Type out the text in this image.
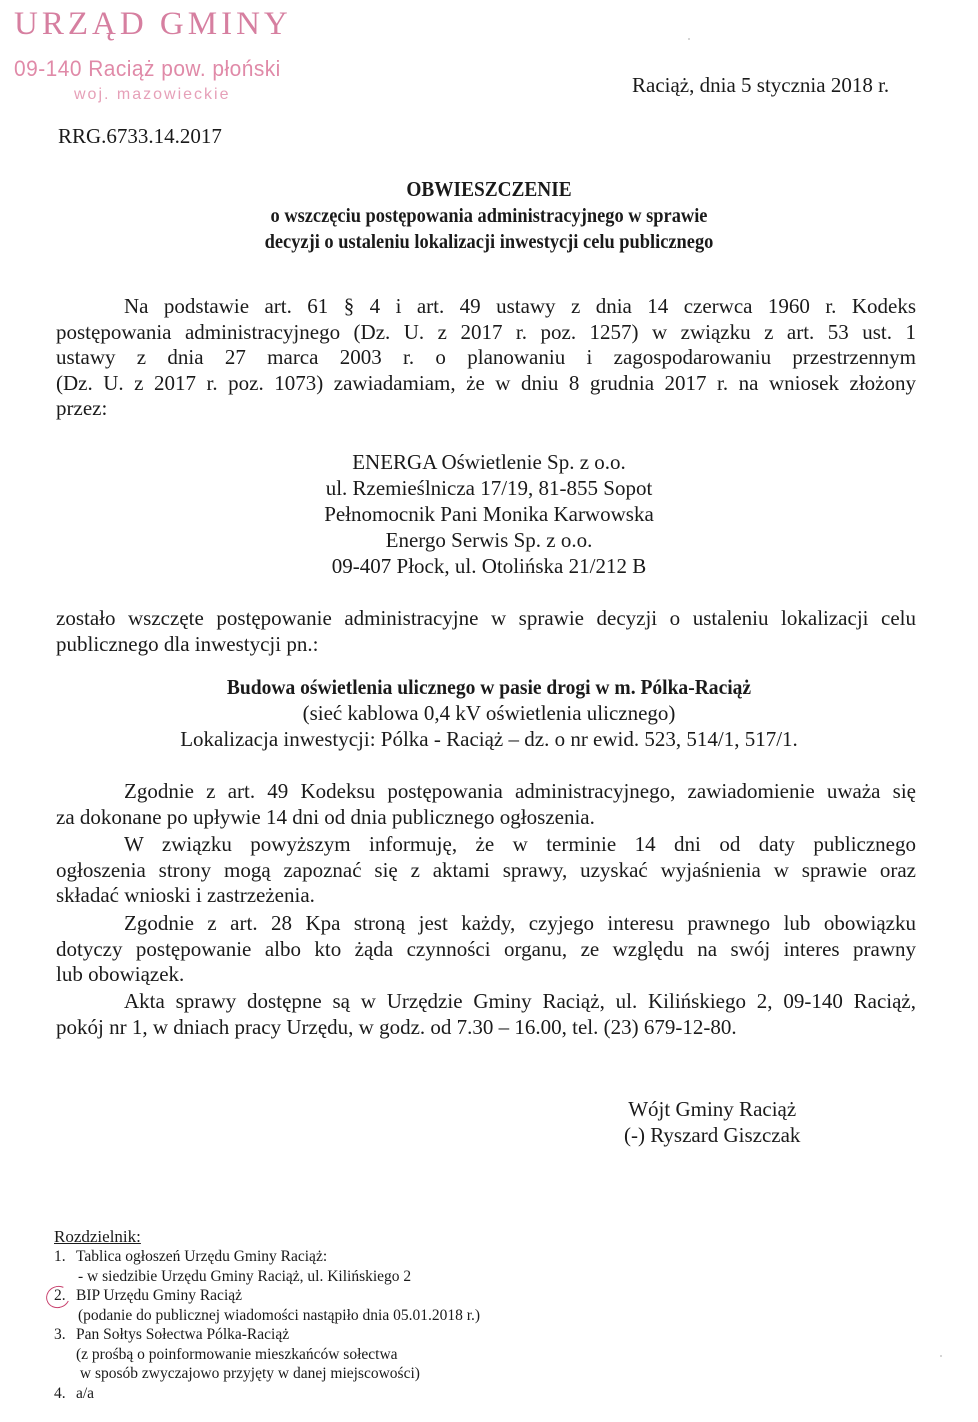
URZĄD GMINY
09-140 Raciąż pow. płoński
woj. mazowieckie	Raciąż, dnia 5 stycznia 2018 r.
RRG.6733.14.2017
OBWIESZCZENIE
o wszczęciu postępowania administracyjnego w sprawie
decyzji o ustaleniu lokalizacji inwestycji celu publicznego
Na podstawie art. 61 § 4 i art. 49 ustawy z dnia 14 czerwca 1960 r. Kodeks
postępowania administracyjnego (Dz. U. z 2017 r. poz. 1257) w związku z art. 53 ust. 1
ustawy z dnia 27 marca 2003 r. o planowaniu i zagospodarowaniu przestrzennym
(Dz. U. z 2017 r. poz. 1073) zawiadamiam, że w dniu 8 grudnia 2017 r. na wniosek złożony
przez:
ENERGA Oświetlenie Sp. z o.o.
ul. Rzemieślnicza 17/19, 81-855 Sopot
Pełnomocnik Pani Monika Karwowska
Energo Serwis Sp. z o.o.
09-407 Płock, ul. Otolińska 21/212 B
zostało wszczęte postępowanie administracyjne w sprawie decyzji o ustaleniu lokalizacji celu
publicznego dla inwestycji pn.:
Budowa oświetlenia ulicznego w pasie drogi w m. Pólka-Raciąż
(sieć kablowa 0,4 kV oświetlenia ulicznego)
Lokalizacja inwestycji: Pólka - Raciąż – dz. o nr ewid. 523, 514/1, 517/1.
Zgodnie z art. 49 Kodeksu postępowania administracyjnego, zawiadomienie uważa się
za dokonane po upływie 14 dni od dnia publicznego ogłoszenia.
W związku powyższym informuję, że w terminie 14 dni od daty publicznego
ogłoszenia strony mogą zapoznać się z aktami sprawy, uzyskać wyjaśnienia w sprawie oraz
składać wnioski i zastrzeżenia.
Zgodnie z art. 28 Kpa stroną jest każdy, czyjego interesu prawnego lub obowiązku
dotyczy postępowanie albo kto żąda czynności organu, ze względu na swój interes prawny
lub obowiązek.
Akta sprawy dostępne są w Urzędzie Gminy Raciąż, ul. Kilińskiego 2, 09-140 Raciąż,
pokój nr 1, w dniach pracy Urzędu, w godz. od 7.30 – 16.00, tel. (23) 679-12-80.
Wójt Gminy Raciąż
(-) Ryszard Giszczak
Rozdzielnik:
1. Tablica ogłoszeń Urzędu Gminy Raciąż:
- w siedzibie Urzędu Gminy Raciąż, ul. Kilińskiego 2
2. BIP Urzędu Gminy Raciąż
(podanie do publicznej wiadomości nastąpiło dnia 05.01.2018 r.)
3. Pan Sołtys Sołectwa Pólka-Raciąż
(z prośbą o poinformowanie mieszkańców sołectwa
w sposób zwyczajowo przyjęty w danej miejscowości)
4. a/a
